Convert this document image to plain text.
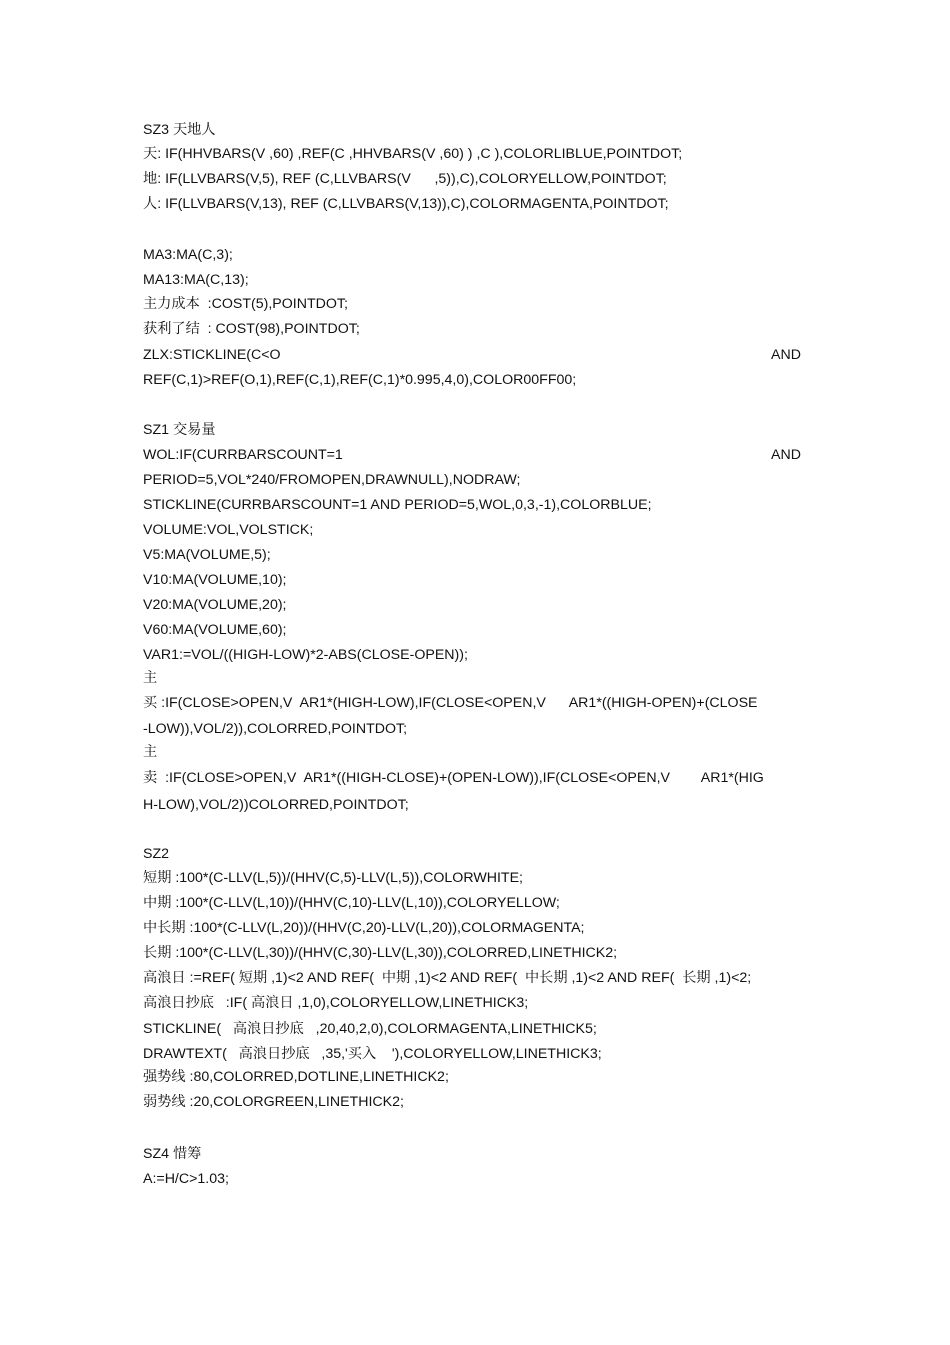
SZ3 天地人
天: IF(HHVBARS(V ,60) ,REF(C ,HHVBARS(V ,60) ) ,C ),COLORLIBLUE,POINTDOT;
地: IF(LLVBARS(V,5), REF (C,LLVBARS(V      ,5)),C),COLORYELLOW,POINTDOT;
人: IF(LLVBARS(V,13), REF (C,LLVBARS(V,13)),C),COLORMAGENTA,POINTDOT;
MA3:MA(C,3);
MA13:MA(C,13);
主力成本  :COST(5),POINTDOT;
获利了结  : COST(98),POINTDOT;
ZLX:STICKLINE(C<O	AND
REF(C,1)>REF(O,1),REF(C,1),REF(C,1)*0.995,4,0),COLOR00FF00;
SZ1 交易量
WOL:IF(CURRBARSCOUNT=1	AND
PERIOD=5,VOL*240/FROMOPEN,DRAWNULL),NODRAW;
STICKLINE(CURRBARSCOUNT=1 AND PERIOD=5,WOL,0,3,-1),COLORBLUE;
VOLUME:VOL,VOLSTICK;
V5:MA(VOLUME,5);
V10:MA(VOLUME,10);
V20:MA(VOLUME,20);
V60:MA(VOLUME,60);
VAR1:=VOL/((HIGH-LOW)*2-ABS(CLOSE-OPEN));
主
买 :IF(CLOSE>OPEN,V  AR1*(HIGH-LOW),IF(CLOSE<OPEN,V      AR1*((HIGH-OPEN)+(CLOSE
-LOW)),VOL/2)),COLORRED,POINTDOT;
主
卖  :IF(CLOSE>OPEN,V  AR1*((HIGH-CLOSE)+(OPEN-LOW)),IF(CLOSE<OPEN,V        AR1*(HIG
H-LOW),VOL/2))COLORRED,POINTDOT;
SZ2
短期 :100*(C-LLV(L,5))/(HHV(C,5)-LLV(L,5)),COLORWHITE;
中期 :100*(C-LLV(L,10))/(HHV(C,10)-LLV(L,10)),COLORYELLOW;
中长期 :100*(C-LLV(L,20))/(HHV(C,20)-LLV(L,20)),COLORMAGENTA;
长期 :100*(C-LLV(L,30))/(HHV(C,30)-LLV(L,30)),COLORRED,LINETHICK2;
高浪日 :=REF( 短期 ,1)<2 AND REF(  中期 ,1)<2 AND REF(  中长期 ,1)<2 AND REF(  长期 ,1)<2;
高浪日抄底   :IF( 高浪日 ,1,0),COLORYELLOW,LINETHICK3;
STICKLINE(   高浪日抄底   ,20,40,2,0),COLORMAGENTA,LINETHICK5;
DRAWTEXT(   高浪日抄底   ,35,'买入    '),COLORYELLOW,LINETHICK3;
强势线 :80,COLORRED,DOTLINE,LINETHICK2;
弱势线 :20,COLORGREEN,LINETHICK2;
SZ4 惜筹
A:=H/C>1.03;
